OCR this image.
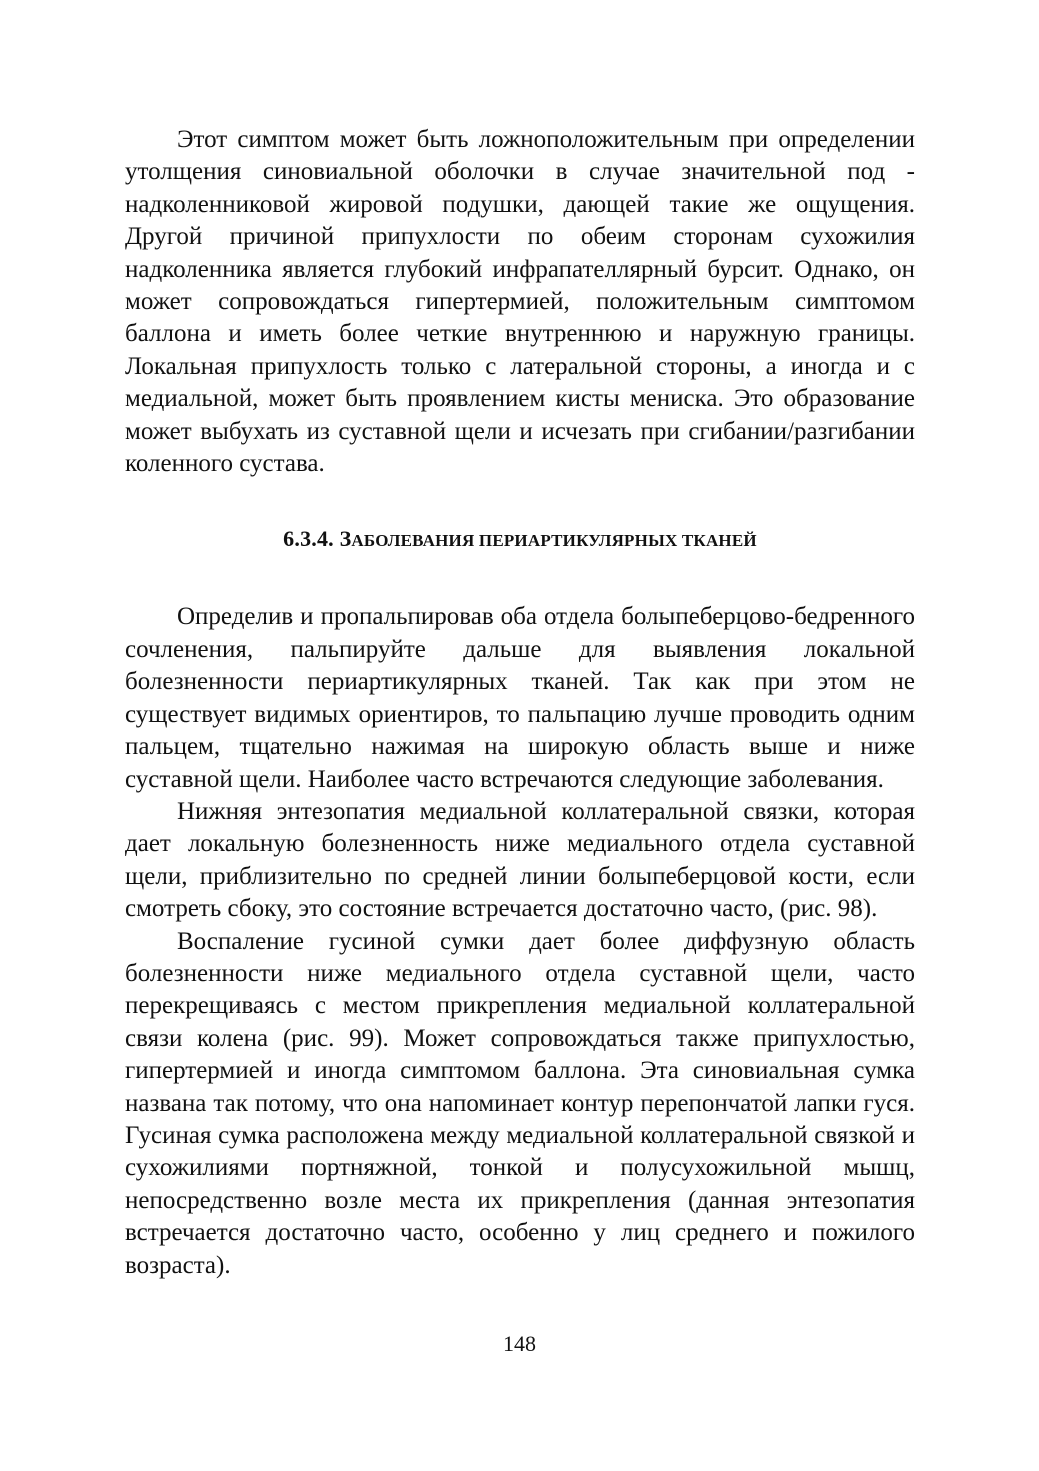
Этот симптом может быть ложноположительным при определении утолщения синовиальной оболочки в случае значительной под - надколенниковой жировой подушки, дающей такие же ощущения. Другой причиной припухлости по обеим сторонам сухожилия надколенника является глубокий инфрапателлярный бурсит. Однако, он может сопровождаться гипертермией, положительным симптомом баллона и иметь более четкие внутреннюю и наружную границы. Локальная припухлость только с латеральной стороны, а иногда и с медиальной, может быть проявлением кисты мениска. Это образование может выбухать из суставной щели и исчезать при сгибании/разгибании коленного сустава.

6.3.4. ЗАБОЛЕВАНИЯ ПЕРИАРТИКУЛЯРНЫХ ТКАНЕЙ

Определив и пропальпировав оба отдела болыпеберцово-бедренного сочленения, пальпируйте дальше для выявления локальной болезненности периартикулярных тканей. Так как при этом не существует видимых ориентиров, то пальпацию лучше проводить одним пальцем, тщательно нажимая на широкую область выше и ниже суставной щели. Наиболее часто встречаются следующие заболевания.

Нижняя энтезопатия медиальной коллатеральной связки, которая дает локальную болезненность ниже медиального отдела суставной щели, приблизительно по средней линии болыпеберцовой кости, если смотреть сбоку, это состояние встречается достаточно часто, (рис. 98).

Воспаление гусиной сумки дает более диффузную область болезненности ниже медиального отдела суставной щели, часто перекрещиваясь с местом прикрепления медиальной коллатеральной связи колена (рис. 99). Может сопровождаться также припухлостью, гипертермией и иногда симптомом баллона. Эта синовиальная сумка названа так потому, что она напоминает контур перепончатой лапки гуся. Гусиная сумка расположена между медиальной коллатеральной связкой и сухожилиями портняжной, тонкой и полусухожильной мышц, непосредственно возле места их прикрепления (данная энтезопатия встречается достаточно часто, особенно у лиц среднего и пожилого возраста).

148
